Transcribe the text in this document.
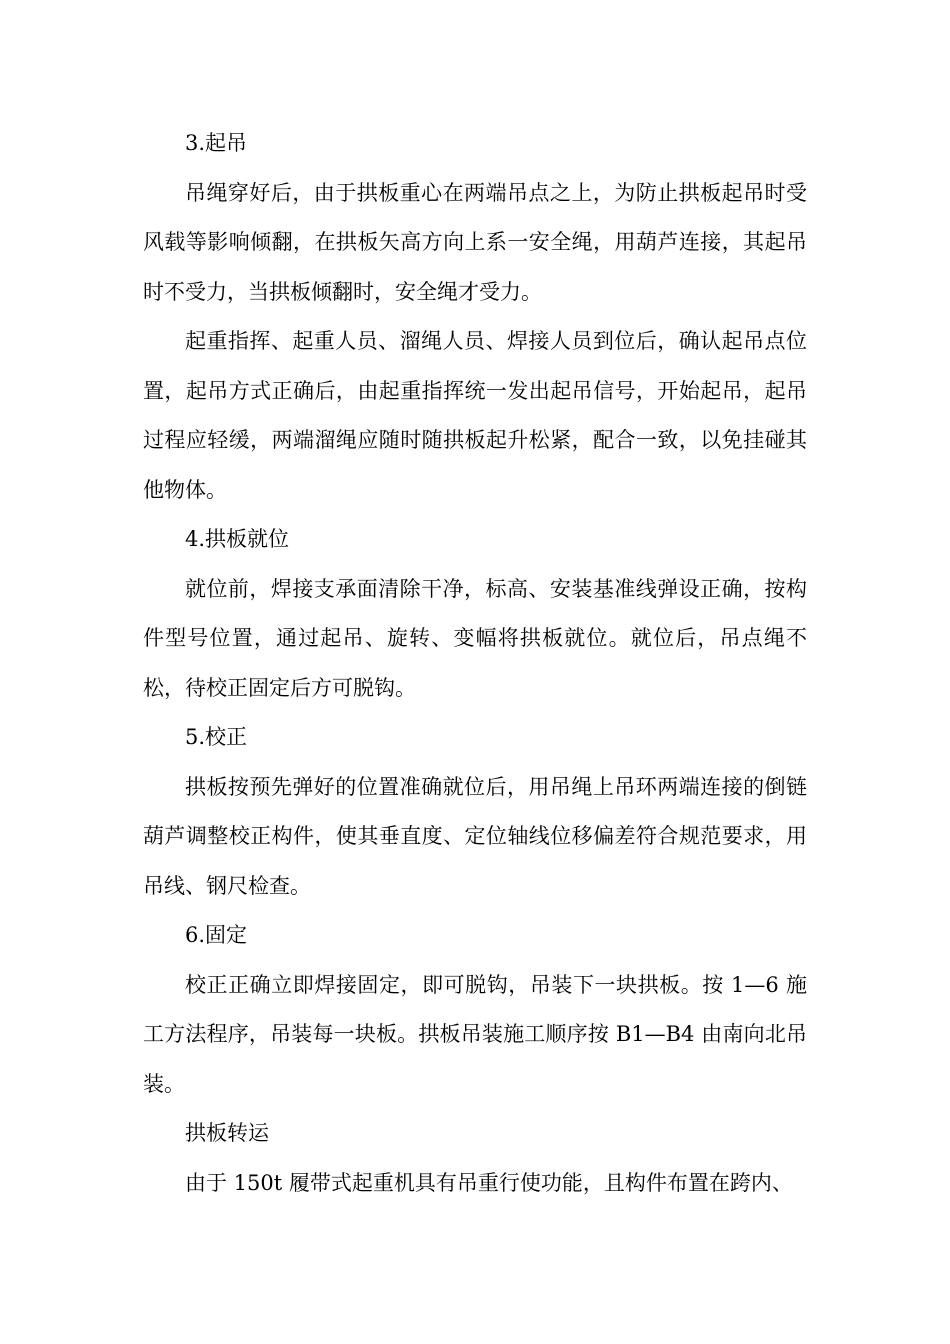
3.起吊

吊绳穿好后，由于拱板重心在两端吊点之上，为防止拱板起吊时受风载等影响倾翻，在拱板矢高方向上系一安全绳，用葫芦连接，其起吊时不受力，当拱板倾翻时，安全绳才受力。

起重指挥、起重人员、溜绳人员、焊接人员到位后，确认起吊点位置，起吊方式正确后，由起重指挥统一发出起吊信号，开始起吊，起吊过程应轻缓，两端溜绳应随时随拱板起升松紧，配合一致，以免挂碰其他物体。

4.拱板就位

就位前，焊接支承面清除干净，标高、安装基准线弹设正确，按构件型号位置，通过起吊、旋转、变幅将拱板就位。就位后，吊点绳不松，待校正固定后方可脱钩。

5.校正

拱板按预先弹好的位置准确就位后，用吊绳上吊环两端连接的倒链葫芦调整校正构件，使其垂直度、定位轴线位移偏差符合规范要求，用吊线、钢尺检查。

6.固定

校正正确立即焊接固定，即可脱钩，吊装下一块拱板。按 1—6 施工方法程序，吊装每一块板。拱板吊装施工顺序按 B1—B4 由南向北吊装。

拱板转运

由于 150t 履带式起重机具有吊重行使功能，且构件布置在跨内、
